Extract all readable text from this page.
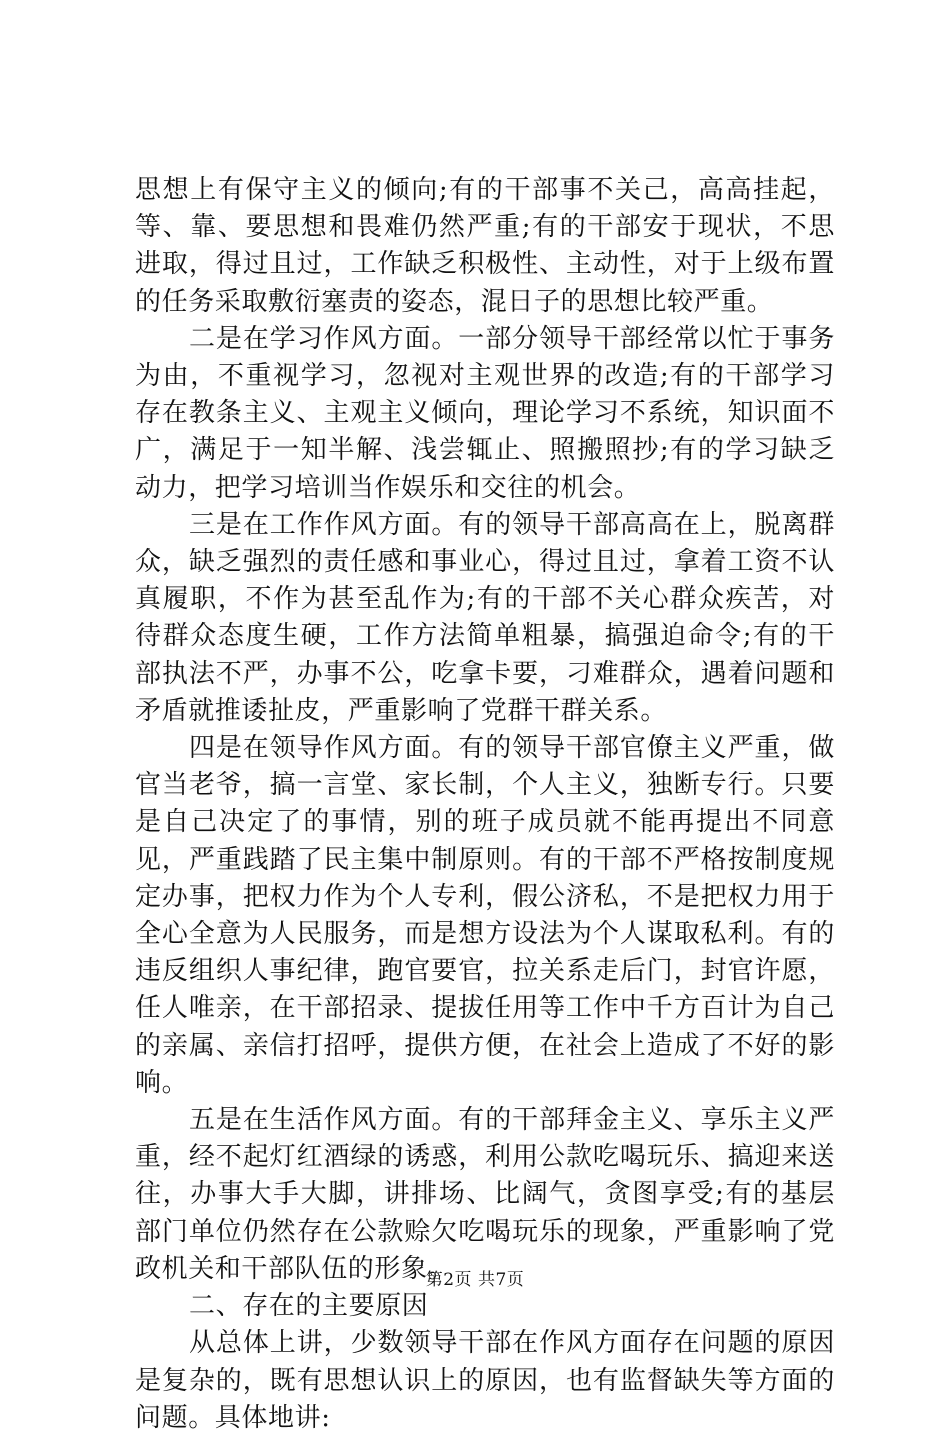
思想上有保守主义的倾向;有的干部事不关己，高高挂起，等、靠、要思想和畏难仍然严重;有的干部安于现状，不思进取，得过且过，工作缺乏积极性、主动性，对于上级布置的任务采取敷衍塞责的姿态，混日子的思想比较严重。

二是在学习作风方面。一部分领导干部经常以忙于事务为由，不重视学习，忽视对主观世界的改造;有的干部学习存在教条主义、主观主义倾向，理论学习不系统，知识面不广，满足于一知半解、浅尝辄止、照搬照抄;有的学习缺乏动力，把学习培训当作娱乐和交往的机会。

三是在工作作风方面。有的领导干部高高在上，脱离群众，缺乏强烈的责任感和事业心，得过且过，拿着工资不认真履职，不作为甚至乱作为;有的干部不关心群众疾苦，对待群众态度生硬，工作方法简单粗暴，搞强迫命令;有的干部执法不严，办事不公，吃拿卡要，刁难群众，遇着问题和矛盾就推诿扯皮，严重影响了党群干群关系。

四是在领导作风方面。有的领导干部官僚主义严重，做官当老爷，搞一言堂、家长制，个人主义，独断专行。只要是自己决定了的事情，别的班子成员就不能再提出不同意见，严重践踏了民主集中制原则。有的干部不严格按制度规定办事，把权力作为个人专利，假公济私，不是把权力用于全心全意为人民服务，而是想方设法为个人谋取私利。有的违反组织人事纪律，跑官要官，拉关系走后门，封官许愿，任人唯亲，在干部招录、提拔任用等工作中千方百计为自己的亲属、亲信打招呼，提供方便，在社会上造成了不好的影响。

五是在生活作风方面。有的干部拜金主义、享乐主义严重，经不起灯红酒绿的诱惑，利用公款吃喝玩乐、搞迎来送往，办事大手大脚，讲排场、比阔气，贪图享受;有的基层部门单位仍然存在公款赊欠吃喝玩乐的现象，严重影响了党政机关和干部队伍的形象。

二、存在的主要原因

从总体上讲，少数领导干部在作风方面存在问题的原因是复杂的，既有思想认识上的原因，也有监督缺失等方面的问题。具体地讲:

第2页 共7页
